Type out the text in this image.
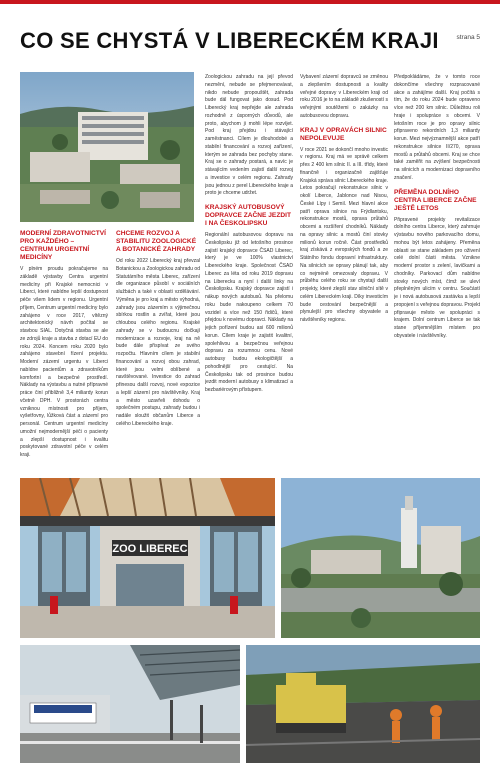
CO SE CHYSTÁ V LIBERECKÉM KRAJI	strana 5
MODERNÍ ZDRAVOTNICTVÍ PRO KAŽDÉHO – CENTRUM URGENTNÍ MEDICÍNY

V plném proudu pokračujeme na základě výstavby Centra urgentní medicíny při Krajské nemocnici v Liberci, které nabídne lepší dostupnost péče všem lidem v regionu. Urgentní příjem, Centrum urgentní medicíny bylo zahájeno v roce 2017, vítězný architektonický návrh počítal se stavbou SIAL. Dotyčná stavba se ale ze zdrojů kraje a stavba z dotací EU do roku 2024. Koncem roku 2020 bylo zahájeno stavební řízení projektu. Moderní zázemí urgentu v Liberci nabídne pacientům a zdravotníkům komfortní a bezpečné prostředí. Náklady na výstavbu a nutné přípravné práce činí přibližně 3,4 miliardy korun včetně DPH. V prostorách centra vzniknou místnosti pro příjem, vyšetřovny, lůžková část a zázemí pro personál. Centrum urgentní medicíny umožní nejmodernější péči o pacienty a zlepší dostupnost i kvalitu poskytované zdravotní péče v celém kraji.

CHCEME ROZVOJ A STABILITU ZOOLOGICKÉ A BOTANICKÉ ZAHRADY

Od roku 2022 Liberecký kraj převzal Botanickou a Zoologickou zahradu od Statutárního města Liberec, zařízení dle organizace působí v sociálních službách a také v oblasti vzdělávání. Výměna je pro kraj a město výhodná, zahrady jsou zázemím s výjimečnou sbírkou rostlin a zvířat, které jsou chloubou celého regionu. Krajské zahrady se v budoucnu dočkají modernizace a rozvoje, kraj na ně bude dále přispívat ze svého rozpočtu. Hlavním cílem je stabilní financování a rozvoj obou zahrad, které jsou velmi oblíbené a navštěvované. Investice do zahrad přinesou další rozvoj, nové expozice a lepší zázemí pro návštěvníky. Kraj a město uzavřeli dohodu o společném postupu, zahrady budou i nadále sloužit občanům Liberce a celého Libereckého kraje.

Zoologickou zahradu na její převod nezmění, nebude se přejmenovávat, nikdo nebude propouštět, zahrada bude dál fungovat jako dosud. Pod Liberecký kraj nepřejde ale zahrada rozhodně z úsporných důvodů, ale proto, abychom ji mohli lépe rozvíjet. Pod kraj přejdou i stávající zaměstnanci. Cílem je dlouhodobé a stabilní financování a rozvoj zařízení, kterým se zahrada bez pochyby stane. Kraj se o zahrady postará, a navíc je stávajícím vedením zajistí další rozvoj a investice v celém regionu. Zahrady jsou jednou z perel Libereckého kraje a proto je chceme udržet.

KRAJSKÝ AUTOBUSOVÝ DOPRAVCE ZAČNE JEZDIT I NA ČESKOLIPSKU

Regionální autobusovou dopravu na Českolipsku již od letošního prosince zajistí krajský dopravce ČSAD Liberec, který je ve 100% vlastnictví Libereckého kraje. Společnost ČSAD Liberec za léta od roku 2019 dopravu na Liberecku a nyní i další linky na Českolipsku. Krajský dopravce zajistí i nákup nových autobusů. Na přelomu roku bude nakoupeno celkem 70 vozidel a více než 150 řidičů, které přejdou k novému dopravci. Náklady na jejich pořízení budou asi 600 milionů korun. Cílem kraje je zajistit kvalitní, spolehlivou a bezpečnou veřejnou dopravu za rozumnou cenu. Nové autobusy budou ekologičtější a pohodlnější pro cestující. Na Českolipsku tak od prosince budou jezdit moderní autobusy s klimatizací a bezbariérovým přístupem.

Vybavení zázemí dopravců se změnou a zlepšením dostupnosti a kvality veřejné dopravy v Libereckém kraji od roku 2016 je to na základě zkušeností s veřejnými soutěžemi o zakázky na autobusovou dopravu.

KRAJ V OPRAVÁCH SILNIC NEPOLEVUJE

V roce 2021 se dokončí mnoho investic v regionu. Kraj má ve správě celkem přes 2 400 km silnic II. a III. třídy, které finančně i organizačně zajišťuje Krajská správa silnic Libereckého kraje. Letos pokračují rekonstrukce silnic v okolí Liberce, Jablonce nad Nisou, České Lípy i Semil. Mezi hlavní akce patří oprava silnice na Frýdlantsku, rekonstrukce mostů, oprava průtahů obcemi a rozšíření chodníků. Náklady na opravy silnic a mostů činí stovky milionů korun ročně. Část prostředků kraj získává z evropských fondů a ze Státního fondu dopravní infrastruktury. Na silnicích se opravy plánují tak, aby co nejméně omezovaly dopravu. V průběhu celého roku se chystají další projekty, které zlepší stav silniční sítě v celém Libereckém kraji. Díky investicím bude cestování bezpečnější a plynulejší pro všechny obyvatele a návštěvníky regionu.

Předpokládáme, že v tomto roce dokončíme všechny rozpracované akce a zahájíme další. Kraj počítá s tím, že do roku 2024 bude opraveno více než 200 km silnic. Důležitou roli hraje i spolupráce s obcemi. V letošním roce je pro opravy silnic připraveno rekordních 1,3 miliardy korun. Mezi nejvýznamnější akce patří rekonstrukce silnice II/270, oprava mostů a průtahů obcemi. Kraj se chce také zaměřit na zvýšení bezpečnosti na silnicích a modernizaci dopravního značení.

PŘEMĚNA DOLNÍHO CENTRA LIBERCE ZAČNE JEŠTĚ LETOS

Připravené projekty revitalizace dolního centra Liberce, který zahrnuje výstavbu nového parkovacího domu, mohou být letos zahájeny. Přeměna oblasti se stane základem pro oživení celé dolní části města. Vznikne moderní prostor s zelení, lavičkami a chodníky. Parkovací dům nabídne stovky nových míst, čímž se uleví přeplněným ulicím v centru. Součástí je i nová autobusová zastávka a lepší propojení s veřejnou dopravou. Projekt připravuje město ve spolupráci s krajem. Dolní centrum Liberce se tak stane příjemnějším místem pro obyvatele i návštěvníky.

ZOO LIBEREC
